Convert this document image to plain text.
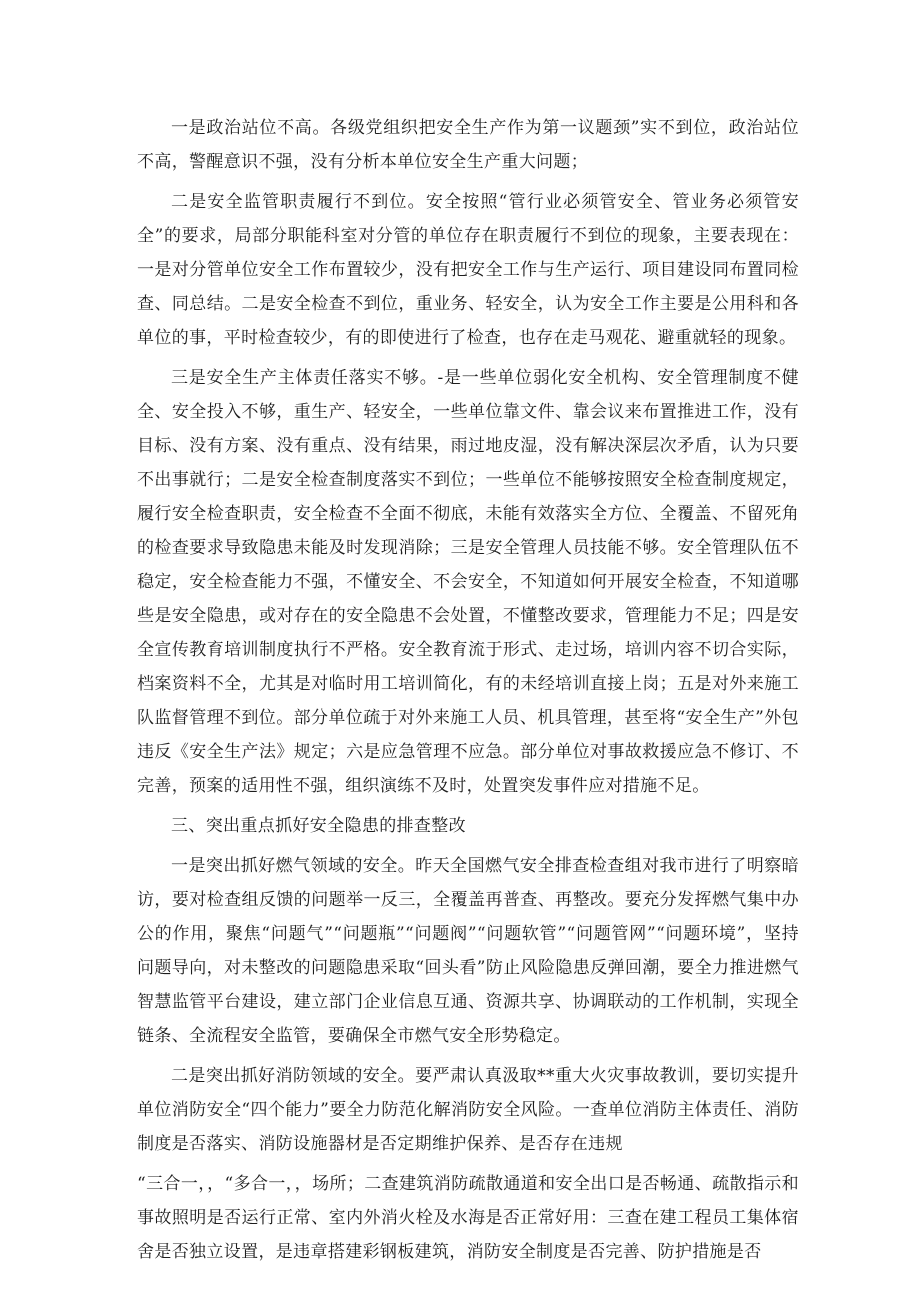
一是政治站位不高。各级党组织把安全生产作为第一议题颈”实不到位，政治站位不高，警醒意识不强，没有分析本单位安全生产重大问题；

二是安全监管职责履行不到位。安全按照“管行业必须管安全、管业务必须管安全”的要求，局部分职能科室对分管的单位存在职责履行不到位的现象，主要表现在：一是对分管单位安全工作布置较少，没有把安全工作与生产运行、项目建设同布置同检查、同总结。二是安全检查不到位，重业务、轻安全，认为安全工作主要是公用科和各单位的事，平时检查较少，有的即使进行了检查，也存在走马观花、避重就轻的现象。

三是安全生产主体责任落实不够。-是一些单位弱化安全机构、安全管理制度不健全、安全投入不够，重生产、轻安全，一些单位靠文件、靠会议来布置推进工作，没有目标、没有方案、没有重点、没有结果，雨过地皮湿，没有解决深层次矛盾，认为只要不出事就行；二是安全检查制度落实不到位；一些单位不能够按照安全检查制度规定，履行安全检查职责，安全检查不全面不彻底，未能有效落实全方位、全覆盖、不留死角的检查要求导致隐患未能及时发现消除；三是安全管理人员技能不够。安全管理队伍不稳定，安全检查能力不强，不懂安全、不会安全，不知道如何开展安全检查，不知道哪些是安全隐患，或对存在的安全隐患不会处置，不懂整改要求，管理能力不足；四是安全宣传教育培训制度执行不严格。安全教育流于形式、走过场，培训内容不切合实际，档案资料不全，尤其是对临时用工培训简化，有的未经培训直接上岗；五是对外来施工队监督管理不到位。部分单位疏于对外来施工人员、机具管理，甚至将“安全生产”外包违反《安全生产法》规定；六是应急管理不应急。部分单位对事故救援应急不修订、不完善，预案的适用性不强，组织演练不及时，处置突发事件应对措施不足。

三、突出重点抓好安全隐患的排查整改

一是突出抓好燃气领域的安全。昨天全国燃气安全排查检查组对我市进行了明察暗访，要对检查组反馈的问题举一反三，全覆盖再普查、再整改。要充分发挥燃气集中办公的作用，聚焦“问题气”“问题瓶”“问题阀”“问题软管”“问题管网”“问题环境”，坚持问题导向，对未整改的问题隐患采取“回头看”防止风险隐患反弹回潮，要全力推进燃气智慧监管平台建设，建立部门企业信息互通、资源共享、协调联动的工作机制，实现全链条、全流程安全监管，要确保全市燃气安全形势稳定。

二是突出抓好消防领域的安全。要严肃认真汲取**重大火灾事故教训，要切实提升单位消防安全“四个能力”要全力防范化解消防安全风险。一查单位消防主体责任、消防制度是否落实、消防设施器材是否定期维护保养、是否存在违规

“三合一，，“多合一，，场所；二查建筑消防疏散通道和安全出口是否畅通、疏散指示和事故照明是否运行正常、室内外消火栓及水海是否正常好用：三查在建工程员工集体宿舍是否独立设置，是违章搭建彩钢板建筑，消防安全制度是否完善、防护措施是否
